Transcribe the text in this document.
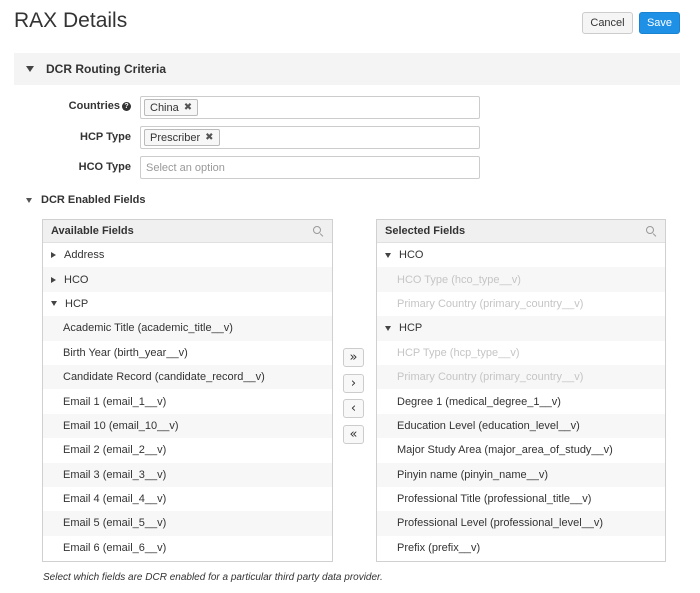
RAX Details	Cancel	Save
DCR Routing Criteria
Countries ? China ✖
HCP Type Prescriber ✖
HCO Type Select an option
DCR Enabled Fields
Available Fields
Address
HCO
HCP
Academic Title (academic_title__v)
Birth Year (birth_year__v)
Candidate Record (candidate_record__v)
Email 1 (email_1__v)
Email 10 (email_10__v)
Email 2 (email_2__v)
Email 3 (email_3__v)
Email 4 (email_4__v)
Email 5 (email_5__v)
Email 6 (email_6__v)
»
›
‹
«
Selected Fields
HCO
HCO Type (hco_type__v)
Primary Country (primary_country__v)
HCP
HCP Type (hcp_type__v)
Primary Country (primary_country__v)
Degree 1 (medical_degree_1__v)
Education Level (education_level__v)
Major Study Area (major_area_of_study__v)
Pinyin name (pinyin_name__v)
Professional Title (professional_title__v)
Professional Level (professional_level__v)
Prefix (prefix__v)
Select which fields are DCR enabled for a particular third party data provider.
